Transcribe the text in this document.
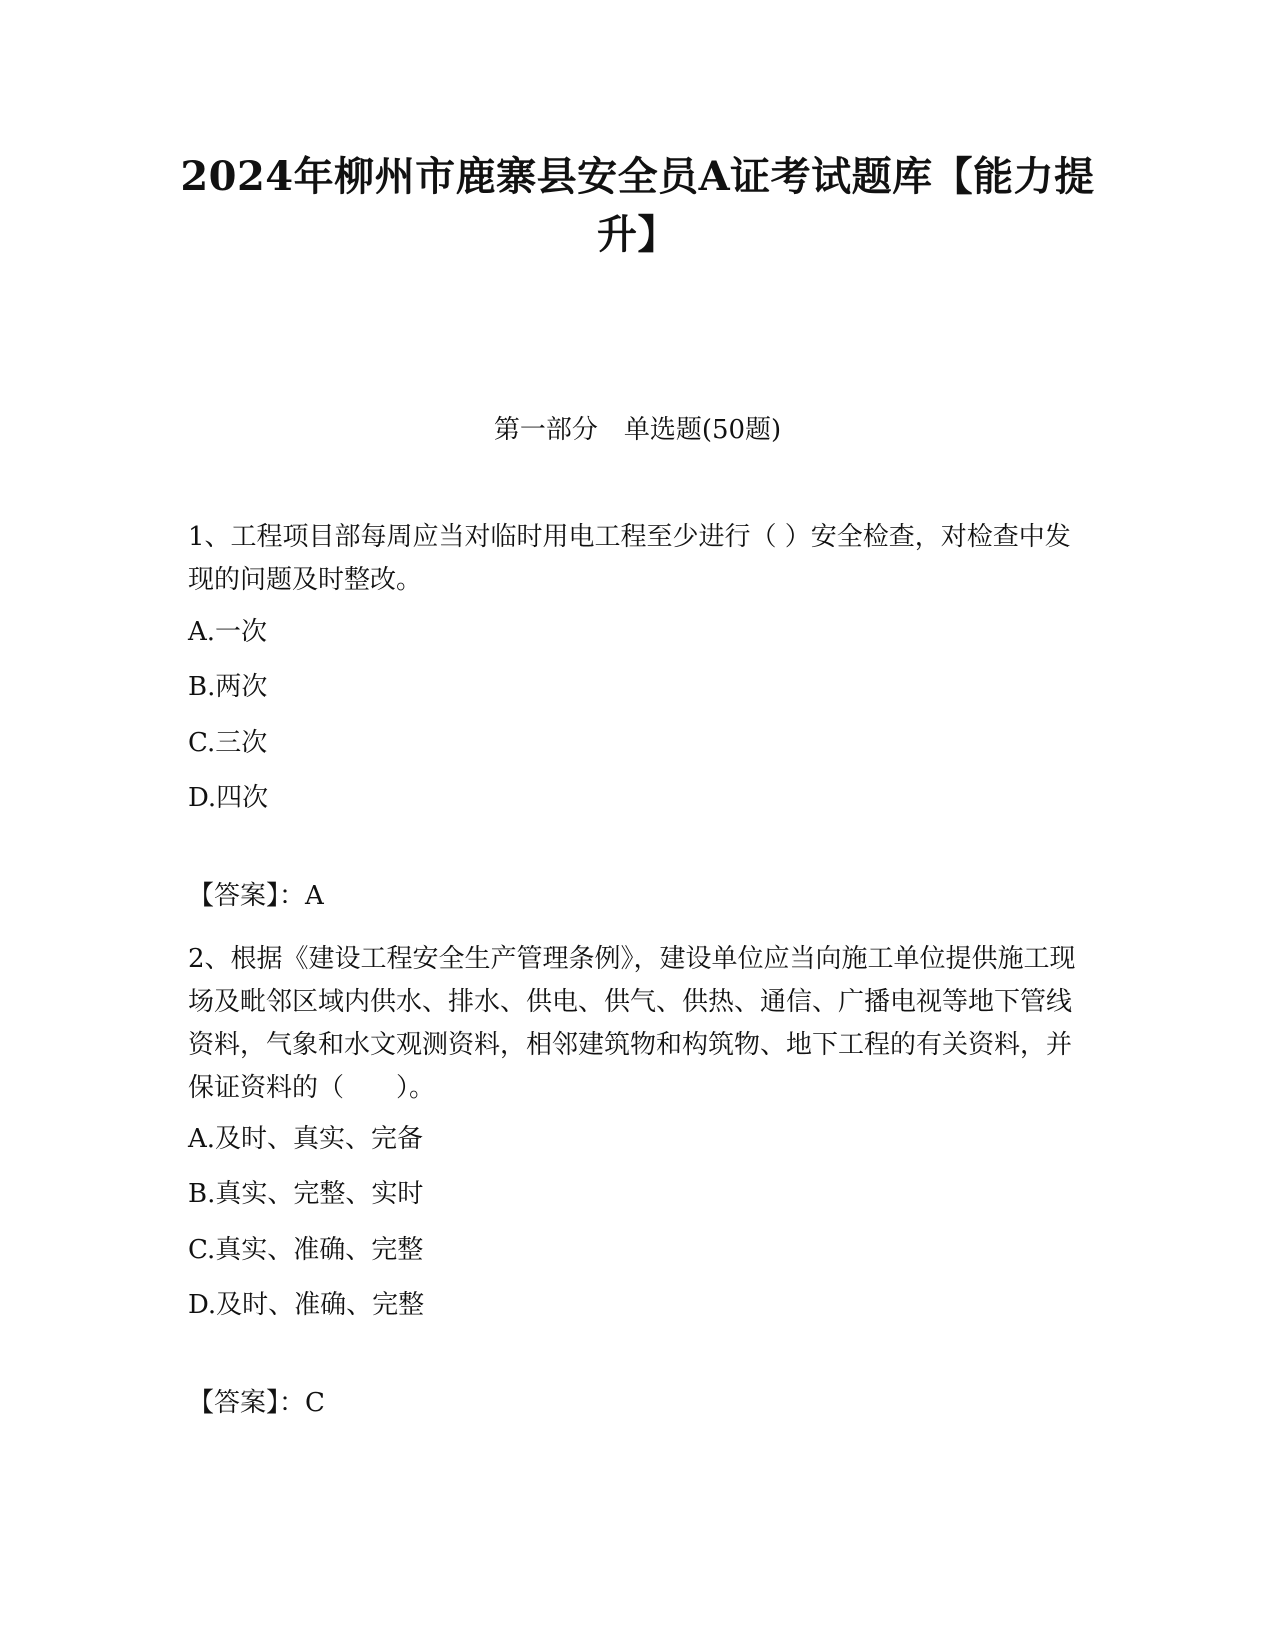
2024年柳州市鹿寨县安全员A证考试题库【能力提升】
第一部分　单选题(50题)

1、工程项目部每周应当对临时用电工程至少进行（ ）安全检查，对检查中发现的问题及时整改。

A.一次

B.两次

C.三次

D.四次

【答案】：A

2、根据《建设工程安全生产管理条例》，建设单位应当向施工单位提供施工现场及毗邻区域内供水、排水、供电、供气、供热、通信、广播电视等地下管线资料，气象和水文观测资料，相邻建筑物和构筑物、地下工程的有关资料，并保证资料的（　　）。

A.及时、真实、完备

B.真实、完整、实时

C.真实、准确、完整

D.及时、准确、完整

【答案】：C
